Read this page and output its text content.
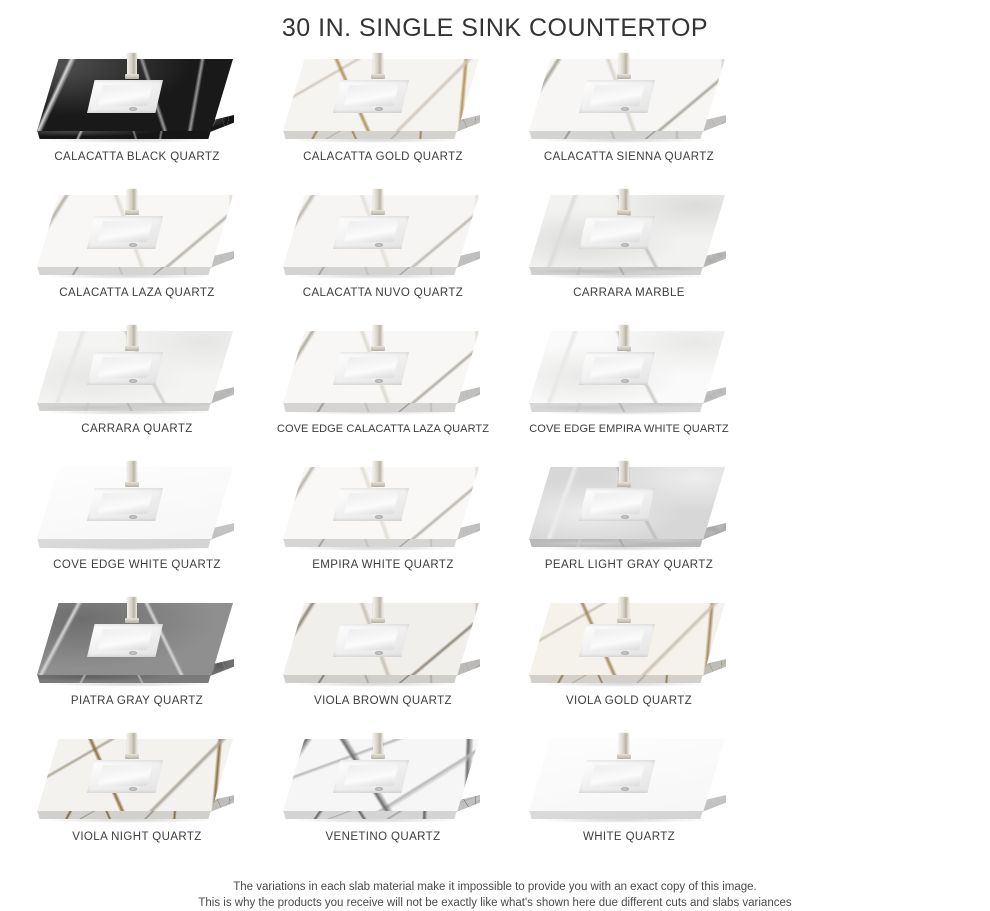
30 IN. SINGLE SINK COUNTERTOP
CALACATTA BLACK QUARTZ	CALACATTA GOLD QUARTZ	CALACATTA SIENNA QUARTZ
CALACATTA LAZA QUARTZ	CALACATTA NUVO QUARTZ	CARRARA MARBLE
CARRARA QUARTZ	COVE EDGE CALACATTA LAZA QUARTZ	COVE EDGE EMPIRA WHITE QUARTZ
COVE EDGE WHITE QUARTZ	EMPIRA WHITE QUARTZ	PEARL LIGHT GRAY QUARTZ
PIATRA GRAY QUARTZ	VIOLA BROWN QUARTZ	VIOLA GOLD QUARTZ
VIOLA NIGHT QUARTZ	VENETINO QUARTZ	WHITE QUARTZ
The variations in each slab material make it impossible to provide you with an exact copy of this image.
This is why the products you receive will not be exactly like what's shown here due different cuts and slabs variances
